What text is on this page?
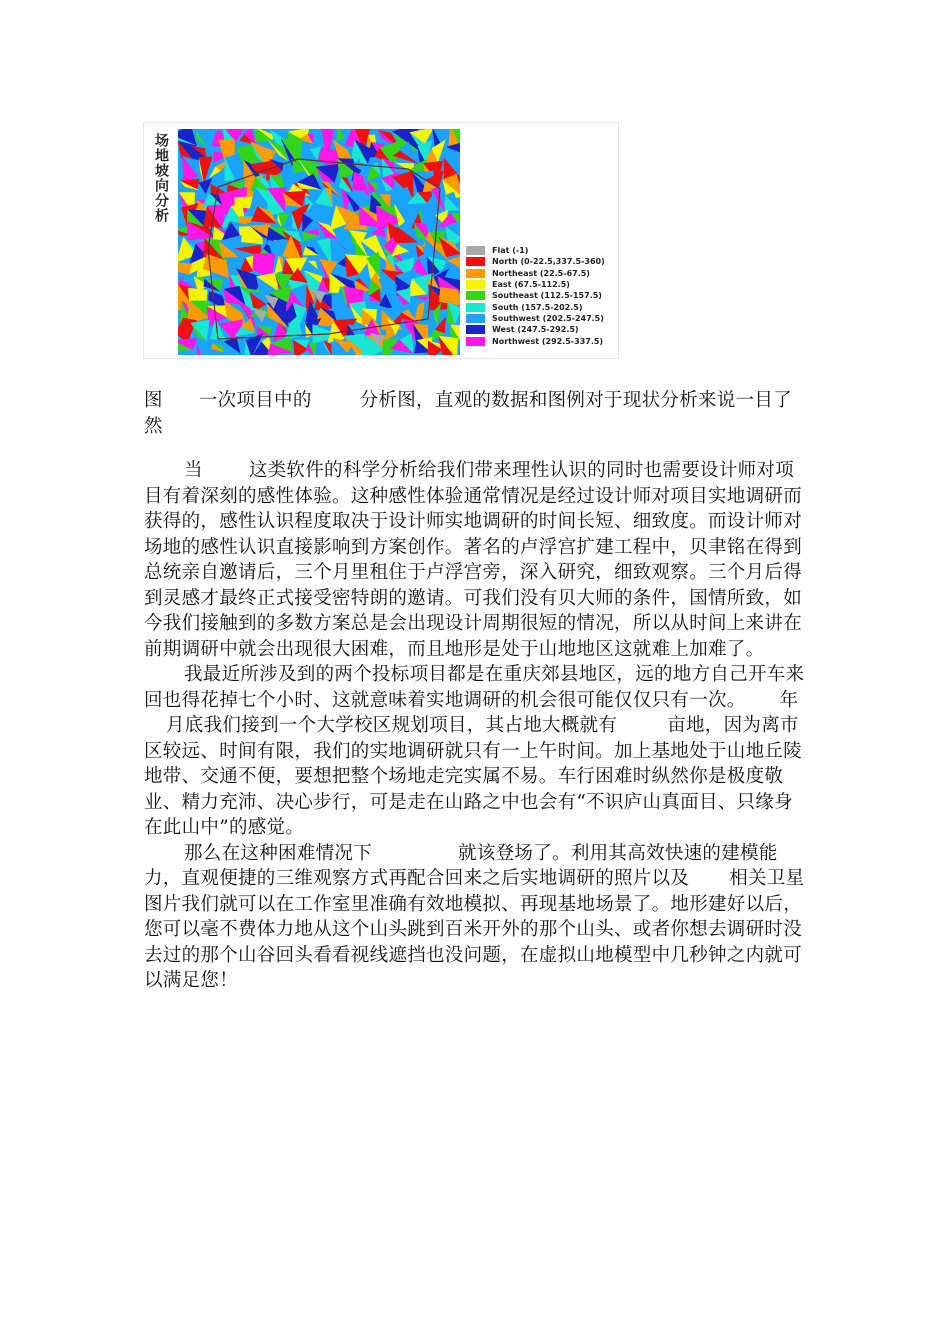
场地坡向分析
Flat (-1)
North (0-22.5,337.5-360)
Northeast (22.5-67.5)
East (67.5-112.5)
Southeast (112.5-157.5)
South (157.5-202.5)
Southwest (202.5-247.5)
West (247.5-292.5)
Northwest (292.5-337.5)
图 一次项目中的	分析图，直观的数据和图例对于现状分析来说一目了然

当 这类软件的科学分析给我们带来理性认识的同时也需要设计师对项目有着深刻的感性体验。这种感性体验通常情况是经过设计师对项目实地调研而获得的，感性认识程度取决于设计师实地调研的时间长短、细致度。而设计师对场地的感性认识直接影响到方案创作。著名的卢浮宫扩建工程中，贝聿铭在得到总统亲自邀请后，三个月里租住于卢浮宫旁，深入研究，细致观察。三个月后得到灵感才最终正式接受密特朗的邀请。可我们没有贝大师的条件，国情所致，如今我们接触到的多数方案总是会出现设计周期很短的情况，所以从时间上来讲在前期调研中就会出现很大困难，而且地形是处于山地地区这就难上加难了。

我最近所涉及到的两个投标项目都是在重庆郊县地区，远的地方自己开车来回也得花掉七个小时、这就意味着实地调研的机会很可能仅仅只有一次。 年月底我们接到一个大学校区规划项目，其占地大概就有	亩地，因为离市区较远、时间有限，我们的实地调研就只有一上午时间。加上基地处于山地丘陵地带、交通不便，要想把整个场地走完实属不易。车行困难时纵然你是极度敬业、精力充沛、决心步行，可是走在山路之中也会有“不识庐山真面目、只缘身在此山中”的感觉。

那么在这种困难情况下	就该登场了。利用其高效快速的建模能力，直观便捷的三维观察方式再配合回来之后实地调研的照片以及 相关卫星图片我们就可以在工作室里准确有效地模拟、再现基地场景了。地形建好以后，您可以毫不费体力地从这个山头跳到百米开外的那个山头、或者你想去调研时没去过的那个山谷回头看看视线遮挡也没问题，在虚拟山地模型中几秒钟之内就可以满足您！
